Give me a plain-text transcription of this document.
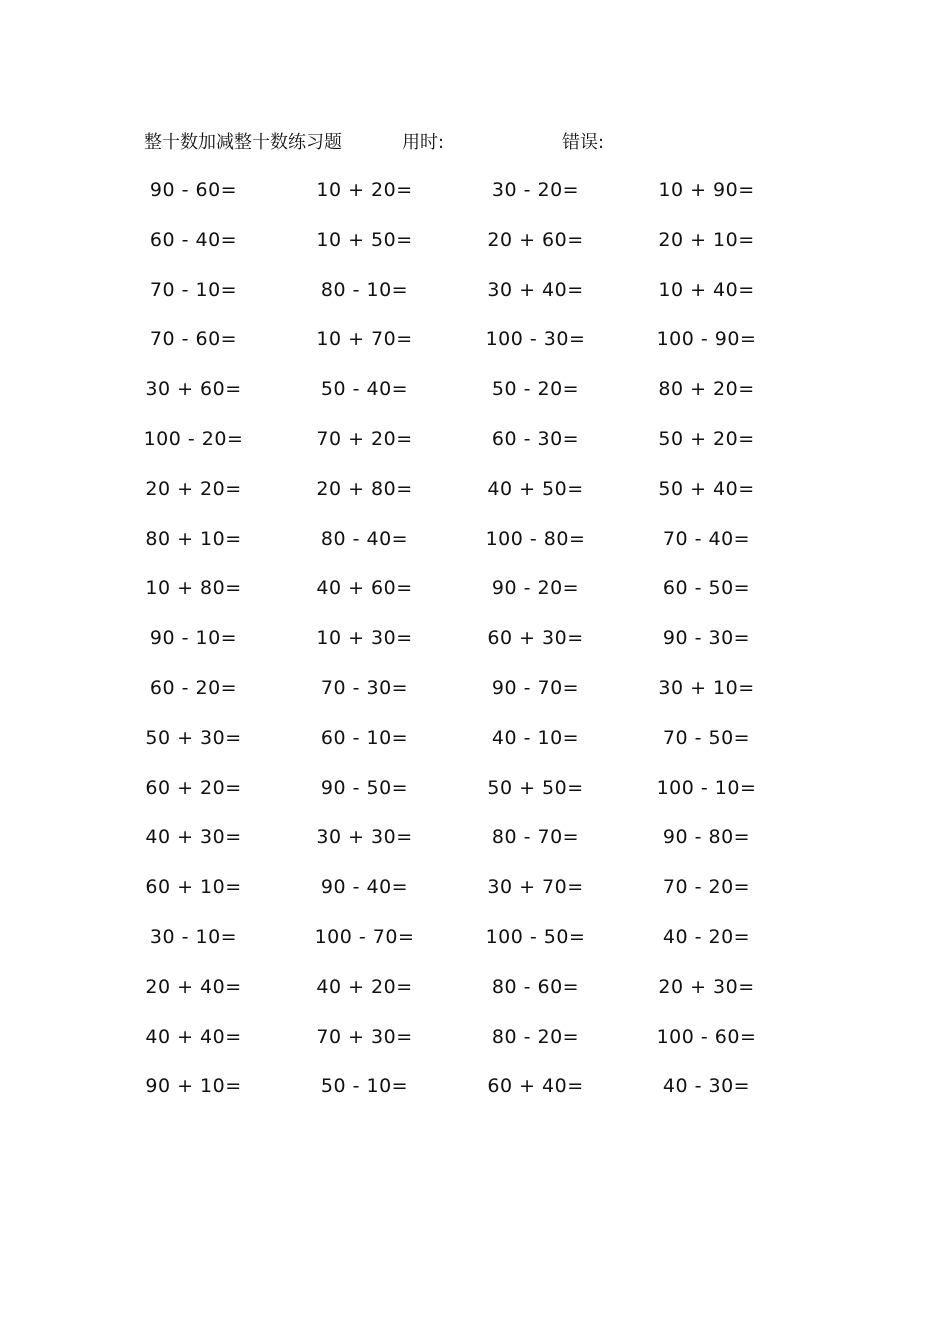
整十数加减整十数练习题	用时:	错误:
90 - 60=	10 + 20=	30 - 20=	10 + 90=
60 - 40=	10 + 50=	20 + 60=	20 + 10=
70 - 10=	80 - 10=	30 + 40=	10 + 40=
70 - 60=	10 + 70=	100 - 30=	100 - 90=
30 + 60=	50 - 40=	50 - 20=	80 + 20=
100 - 20=	70 + 20=	60 - 30=	50 + 20=
20 + 20=	20 + 80=	40 + 50=	50 + 40=
80 + 10=	80 - 40=	100 - 80=	70 - 40=
10 + 80=	40 + 60=	90 - 20=	60 - 50=
90 - 10=	10 + 30=	60 + 30=	90 - 30=
60 - 20=	70 - 30=	90 - 70=	30 + 10=
50 + 30=	60 - 10=	40 - 10=	70 - 50=
60 + 20=	90 - 50=	50 + 50=	100 - 10=
40 + 30=	30 + 30=	80 - 70=	90 - 80=
60 + 10=	90 - 40=	30 + 70=	70 - 20=
30 - 10=	100 - 70=	100 - 50=	40 - 20=
20 + 40=	40 + 20=	80 - 60=	20 + 30=
40 + 40=	70 + 30=	80 - 20=	100 - 60=
90 + 10=	50 - 10=	60 + 40=	40 - 30=
